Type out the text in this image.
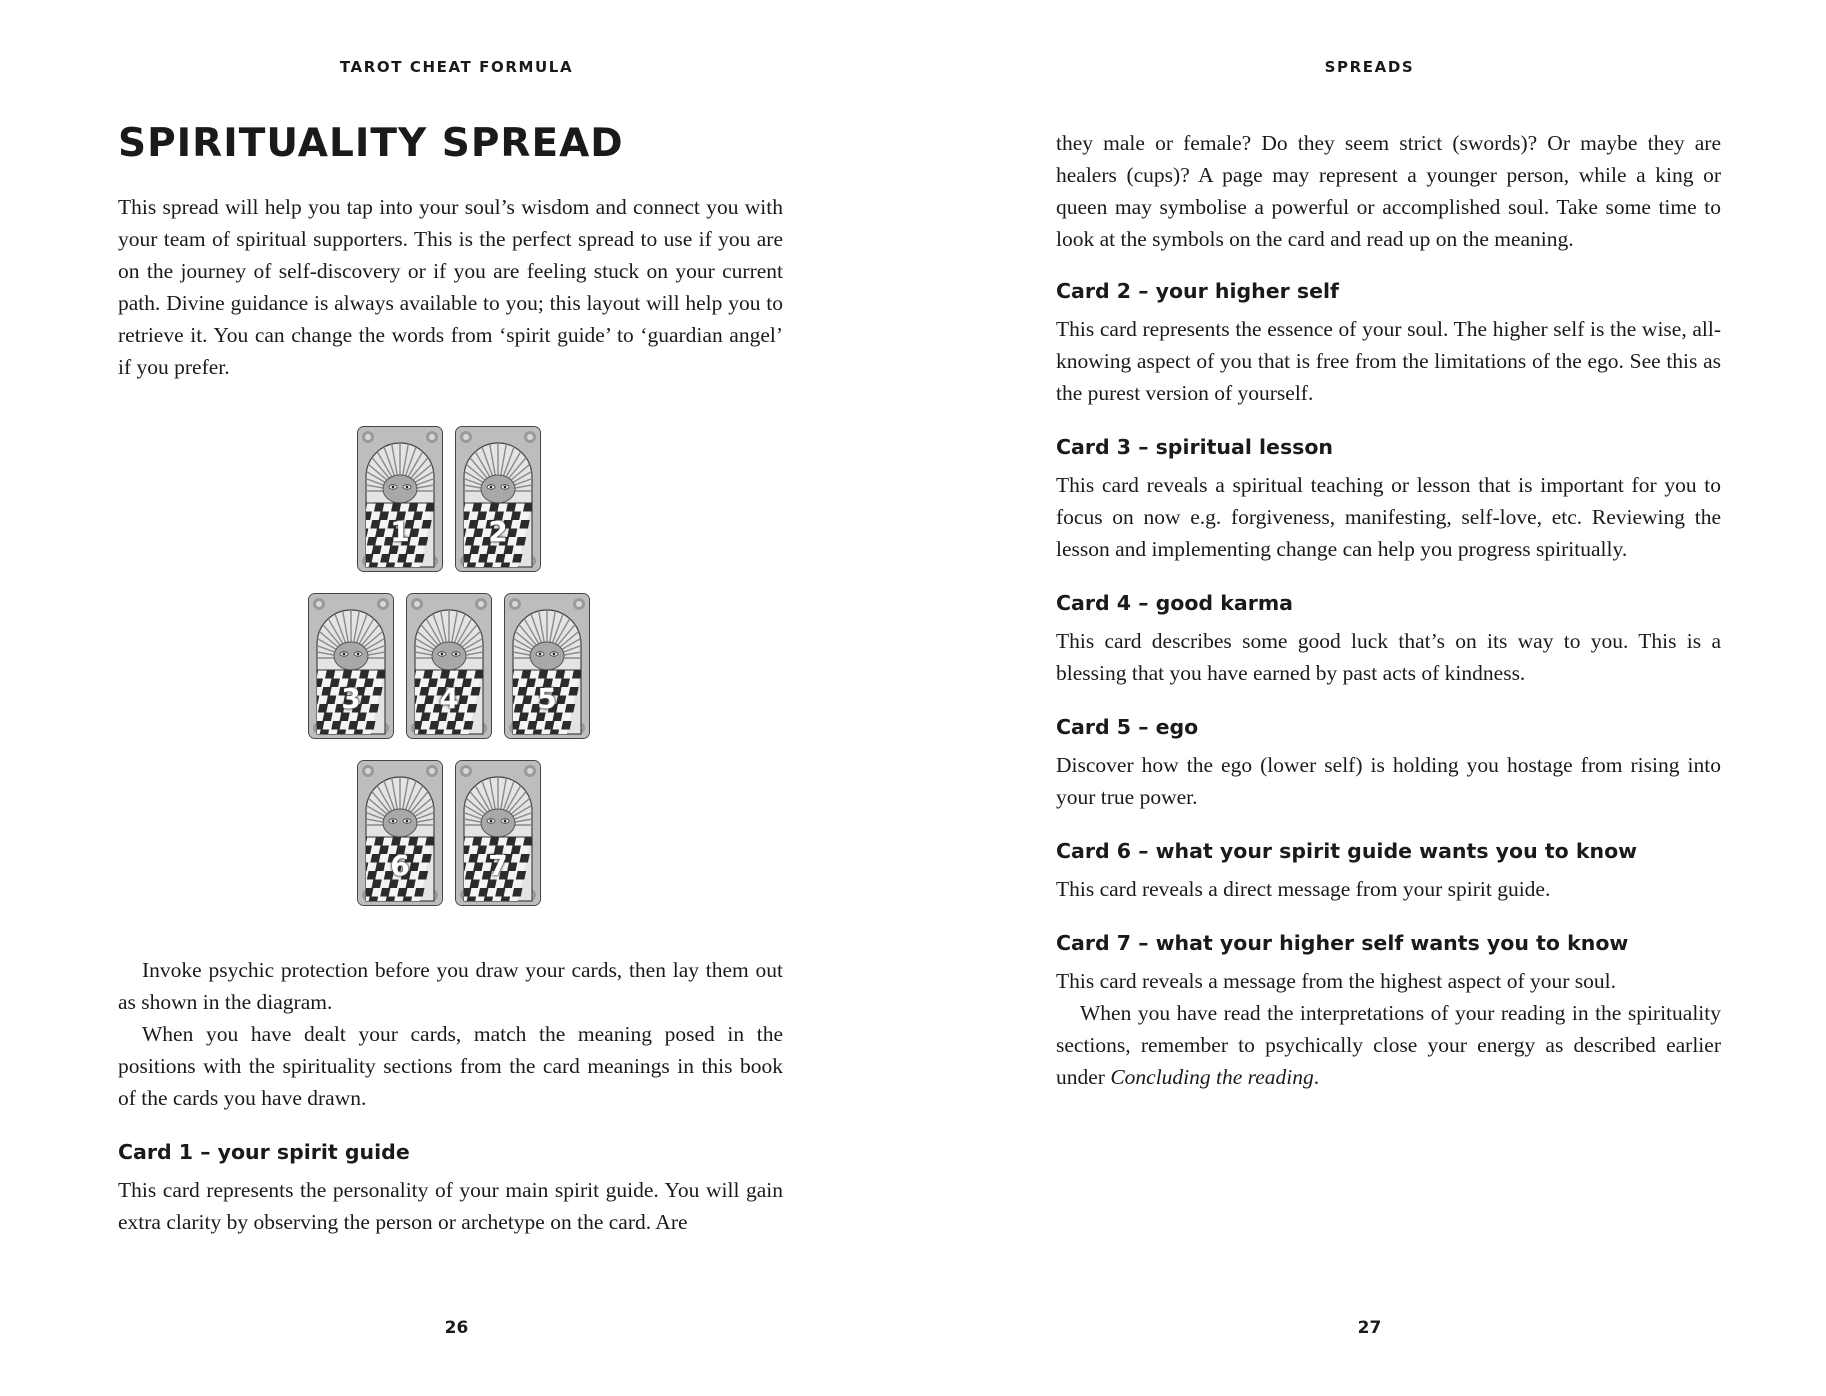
TAROT CHEAT FORMULA
SPIRITUALITY SPREAD

This spread will help you tap into your soul’s wisdom and connect you with your team of spiritual supporters. This is the perfect spread to use if you are on the journey of self-discovery or if you are feeling stuck on your current path. Divine guidance is always available to you; this layout will help you to retrieve it. You can change the words from ‘spirit guide’ to ‘guardian angel’ if you prefer.

1	2
3	4	5
6	7

Invoke psychic protection before you draw your cards, then lay them out as shown in the diagram.

When you have dealt your cards, match the meaning posed in the positions with the spirituality sections from the card meanings in this book of the cards you have drawn.

Card 1 – your spirit guide

This card represents the personality of your main spirit guide. You will gain extra clarity by observing the person or archetype on the card. Are

26
SPREADS

they male or female? Do they seem strict (swords)? Or maybe they are healers (cups)? A page may represent a younger person, while a king or queen may symbolise a powerful or accomplished soul. Take some time to look at the symbols on the card and read up on the meaning.

Card 2 – your higher self

This card represents the essence of your soul. The higher self is the wise, all-knowing aspect of you that is free from the limitations of the ego. See this as the purest version of yourself.

Card 3 – spiritual lesson

This card reveals a spiritual teaching or lesson that is important for you to focus on now e.g. forgiveness, manifesting, self-love, etc. Reviewing the lesson and implementing change can help you progress spiritually.

Card 4 – good karma

This card describes some good luck that’s on its way to you. This is a blessing that you have earned by past acts of kindness.

Card 5 – ego

Discover how the ego (lower self) is holding you hostage from rising into your true power.

Card 6 – what your spirit guide wants you to know

This card reveals a direct message from your spirit guide.

Card 7 – what your higher self wants you to know

This card reveals a message from the highest aspect of your soul.

When you have read the interpretations of your reading in the spirituality sections, remember to psychically close your energy as described earlier under Concluding the reading.

27
